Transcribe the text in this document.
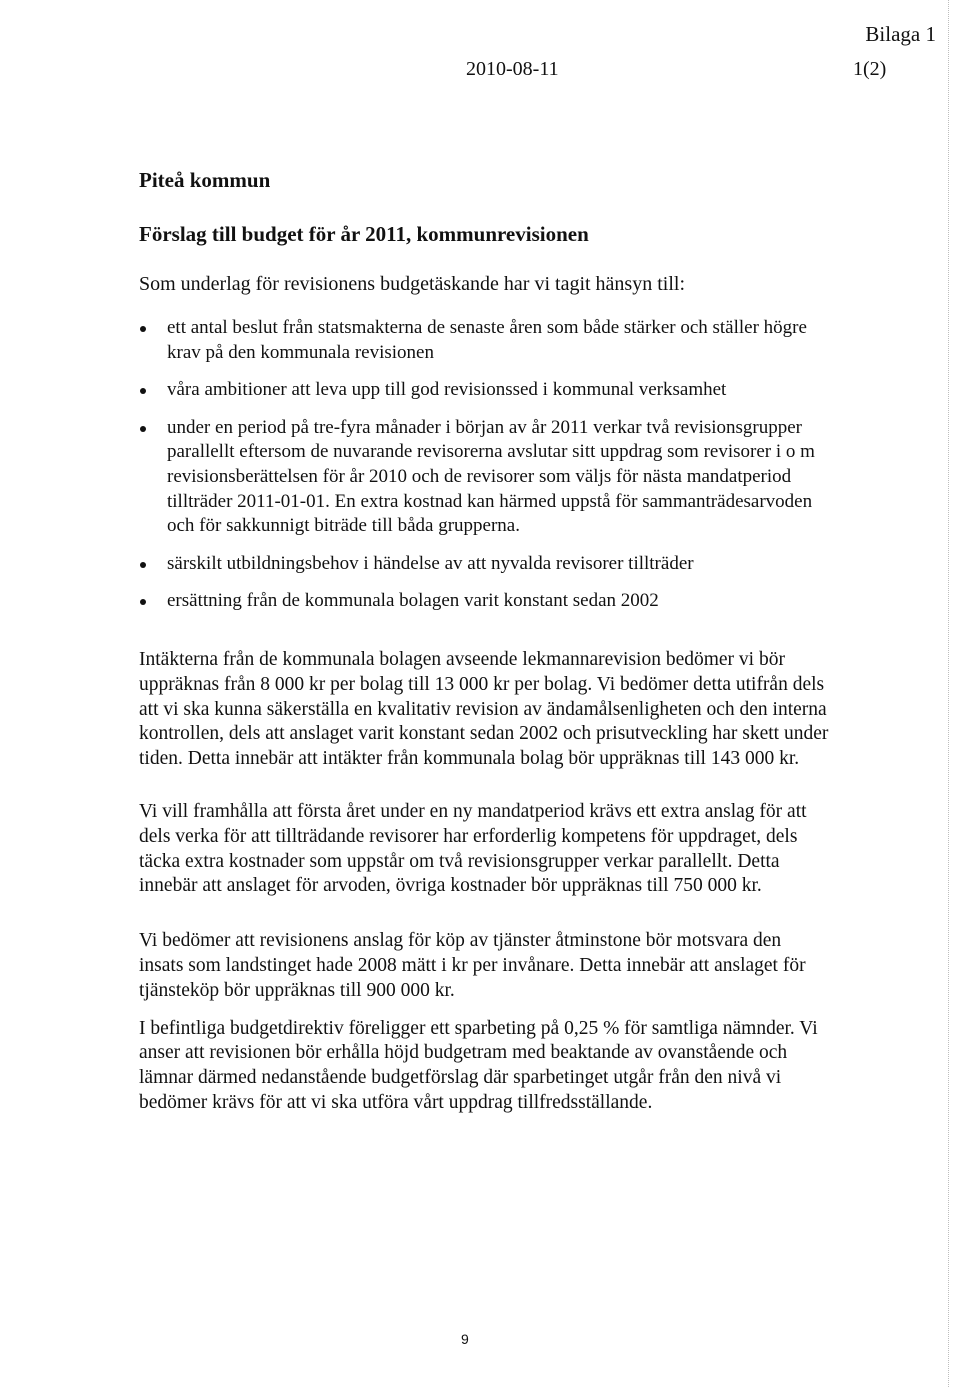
Bilaga 1
2010-08-11	1(2)

Piteå kommun

Förslag till budget för år 2011, kommunrevisionen

Som underlag för revisionens budgetäskande har vi tagit hänsyn till:

ett antal beslut från statsmakterna de senaste åren som både stärker och ställer högre krav på den kommunala revisionen
våra ambitioner att leva upp till god revisionssed i kommunal verksamhet
under en period på tre-fyra månader i början av år 2011 verkar två revisionsgrupper parallellt eftersom de nuvarande revisorerna avslutar sitt uppdrag som revisorer i o m revisionsberättelsen för år 2010 och de revisorer som väljs för nästa mandatperiod tillträder 2011-01-01. En extra kostnad kan härmed uppstå för sammanträdesarvoden och för sakkunnigt biträde till båda grupperna.
särskilt utbildningsbehov i händelse av att nyvalda revisorer tillträder
ersättning från de kommunala bolagen varit konstant sedan 2002

Intäkterna från de kommunala bolagen avseende lekmannarevision bedömer vi bör uppräknas från 8 000 kr per bolag till 13 000 kr per bolag. Vi bedömer detta utifrån dels att vi ska kunna säkerställa en kvalitativ revision av ändamålsenligheten och den interna kontrollen, dels att anslaget varit konstant sedan 2002 och prisutveckling har skett under tiden. Detta innebär att intäkter från kommunala bolag bör uppräknas till 143 000 kr.

Vi vill framhålla att första året under en ny mandatperiod krävs ett extra anslag för att dels verka för att tillträdande revisorer har erforderlig kompetens för uppdraget, dels täcka extra kostnader som uppstår om två revisionsgrupper verkar parallellt. Detta innebär att anslaget för arvoden, övriga kostnader bör uppräknas till 750 000 kr.

Vi bedömer att revisionens anslag för köp av tjänster åtminstone bör motsvara den insats som landstinget hade 2008 mätt i kr per invånare. Detta innebär att anslaget för tjänsteköp bör uppräknas till 900 000 kr.

I befintliga budgetdirektiv föreligger ett sparbeting på 0,25 % för samtliga nämnder. Vi anser att revisionen bör erhålla höjd budgetram med beaktande av ovanstående och lämnar därmed nedanstående budgetförslag där sparbetinget utgår från den nivå vi bedömer krävs för att vi ska utföra vårt uppdrag tillfredsställande.

9
